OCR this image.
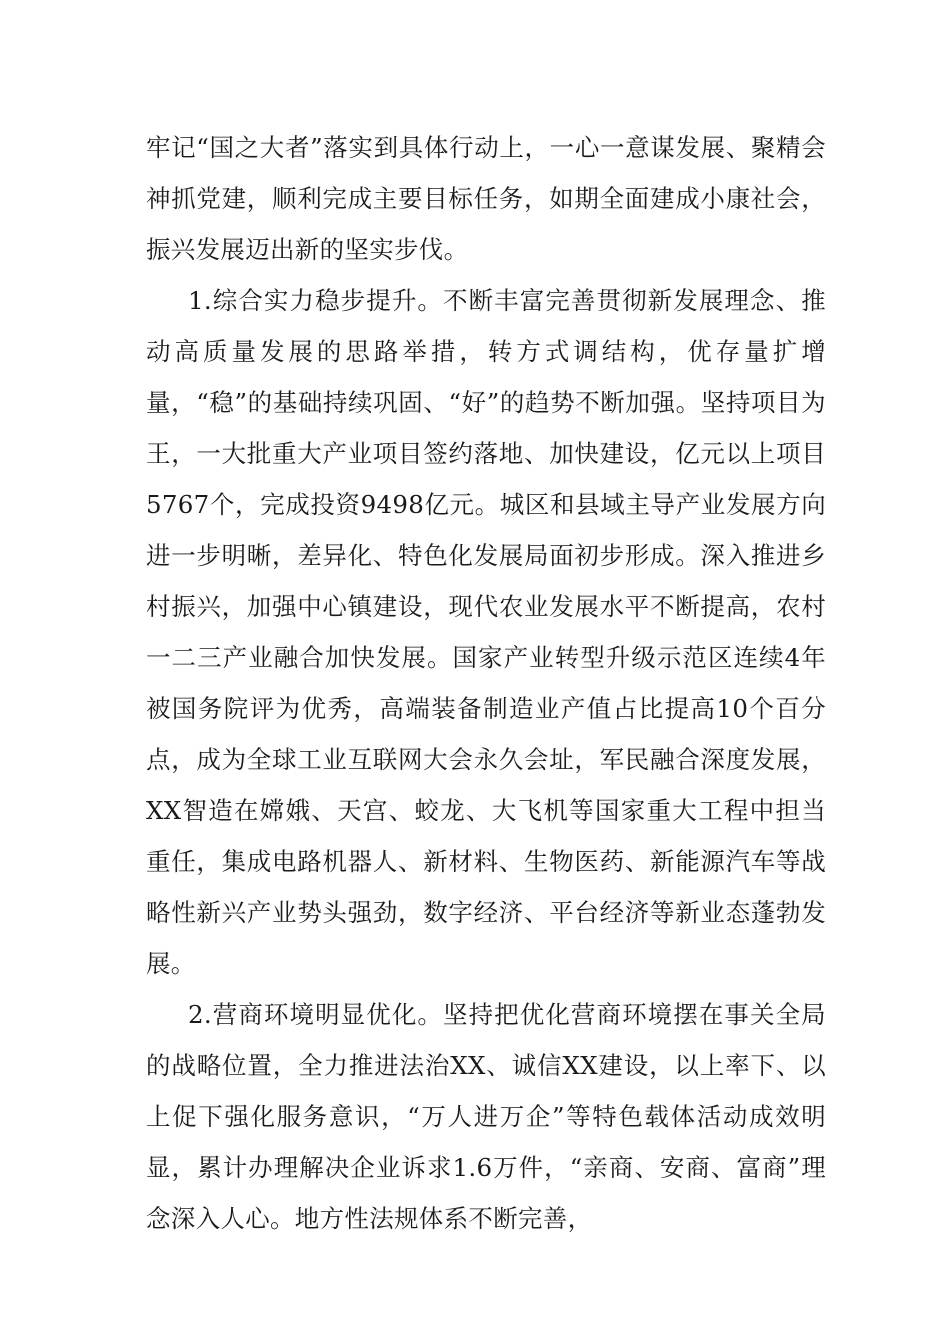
牢记“国之大者”落实到具体行动上，一心一意谋发展、聚精会神抓党建，顺利完成主要目标任务，如期全面建成小康社会，振兴发展迈出新的坚实步伐。

1.综合实力稳步提升。不断丰富完善贯彻新发展理念、推动高质量发展的思路举措，转方式调结构，优存量扩增量，“稳”的基础持续巩固、“好”的趋势不断加强。坚持项目为王，一大批重大产业项目签约落地、加快建设，亿元以上项目5767个，完成投资9498亿元。城区和县域主导产业发展方向进一步明晰，差异化、特色化发展局面初步形成。深入推进乡村振兴，加强中心镇建设，现代农业发展水平不断提高，农村一二三产业融合加快发展。国家产业转型升级示范区连续4年被国务院评为优秀，高端装备制造业产值占比提高10个百分点，成为全球工业互联网大会永久会址，军民融合深度发展，XX智造在嫦娥、天宫、蛟龙、大飞机等国家重大工程中担当重任，集成电路机器人、新材料、生物医药、新能源汽车等战略性新兴产业势头强劲，数字经济、平台经济等新业态蓬勃发展。

2.营商环境明显优化。坚持把优化营商环境摆在事关全局的战略位置，全力推进法治XX、诚信XX建设，以上率下、以上促下强化服务意识，“万人进万企”等特色载体活动成效明显，累计办理解决企业诉求1.6万件，“亲商、安商、富商”理念深入人心。地方性法规体系不断完善，
